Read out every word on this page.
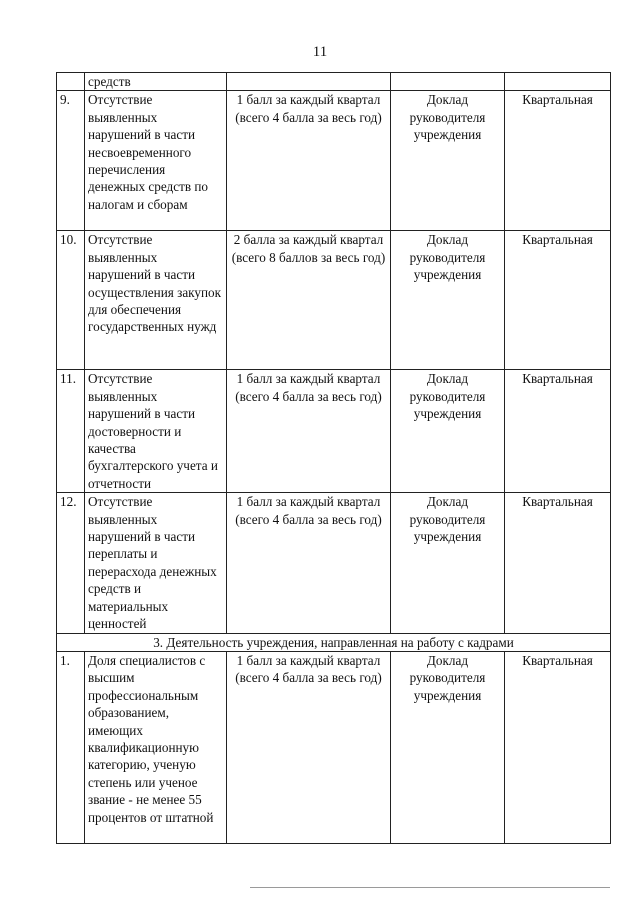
11
	средств			
9.	Отсутствие выявленных нарушений в части несвоевременного перечисления денежных средств по налогам и сборам	1 балл за каждый квартал (всего 4 балла за весь год)	Доклад руководителя учреждения	Квартальная
10.	Отсутствие выявленных нарушений в части осуществления закупок для обеспечения государственных нужд	2 балла за каждый квартал (всего 8 баллов за весь год)	Доклад руководителя учреждения	Квартальная
11.	Отсутствие выявленных нарушений в части достоверности и качества бухгалтерского учета и отчетности	1 балл за каждый квартал (всего 4 балла за весь год)	Доклад руководителя учреждения	Квартальная
12.	Отсутствие выявленных нарушений в части переплаты и перерасхода денежных средств и материальных ценностей	1 балл за каждый квартал (всего 4 балла за весь год)	Доклад руководителя учреждения	Квартальная
3. Деятельность учреждения, направленная на работу с кадрами				
1.	Доля специалистов с высшим профессиональным образованием, имеющих квалификационную категорию, ученую степень или ученое звание - не менее 55 процентов от штатной	1 балл за каждый квартал (всего 4 балла за весь год)	Доклад руководителя учреждения	Квартальная
